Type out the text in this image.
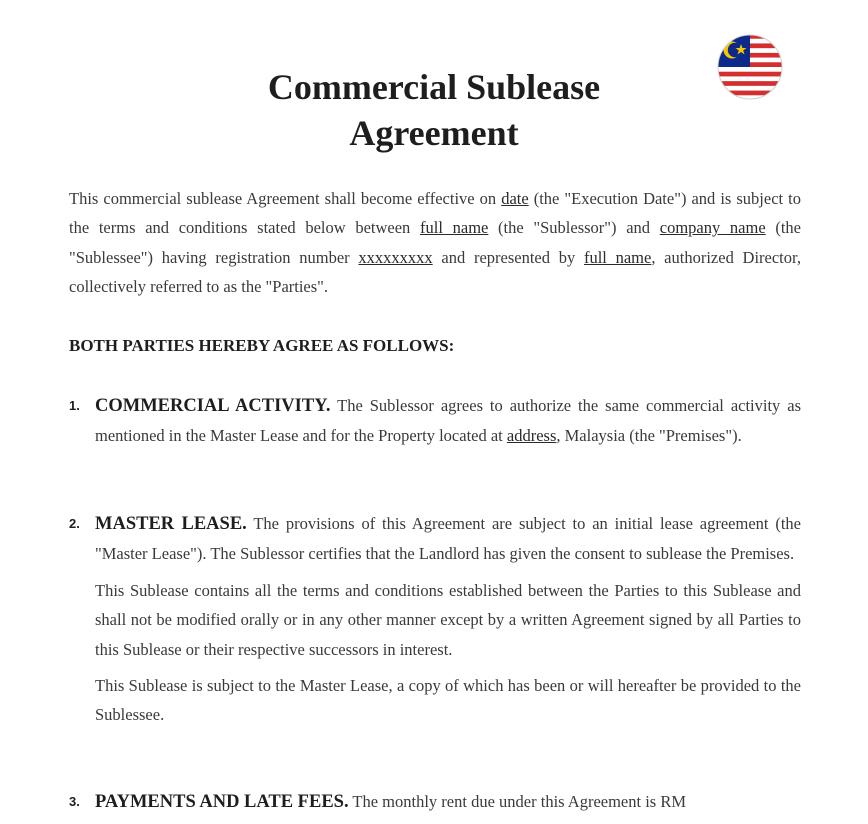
Commercial Sublease
Agreement

This commercial sublease Agreement shall become effective on date (the "Execution Date") and is subject to the terms and conditions stated below between full name (the "Sublessor") and company name (the "Sublessee") having registration number xxxxxxxxx and represented by full name, authorized Director, collectively referred to as the "Parties".

BOTH PARTIES HEREBY AGREE AS FOLLOWS:
1. COMMERCIAL ACTIVITY. The Sublessor agrees to authorize the same commercial activity as mentioned in the Master Lease and for the Property located at address, Malaysia (the "Premises").

2. MASTER LEASE. The provisions of this Agreement are subject to an initial lease agreement (the "Master Lease"). The Sublessor certifies that the Landlord has given the consent to sublease the Premises.

This Sublease contains all the terms and conditions established between the Parties to this Sublease and shall not be modified orally or in any other manner except by a written Agreement signed by all Parties to this Sublease or their respective successors in interest.

This Sublease is subject to the Master Lease, a copy of which has been or will hereafter be provided to the Sublessee.

3. PAYMENTS AND LATE FEES. The monthly rent due under this Agreement is RM
